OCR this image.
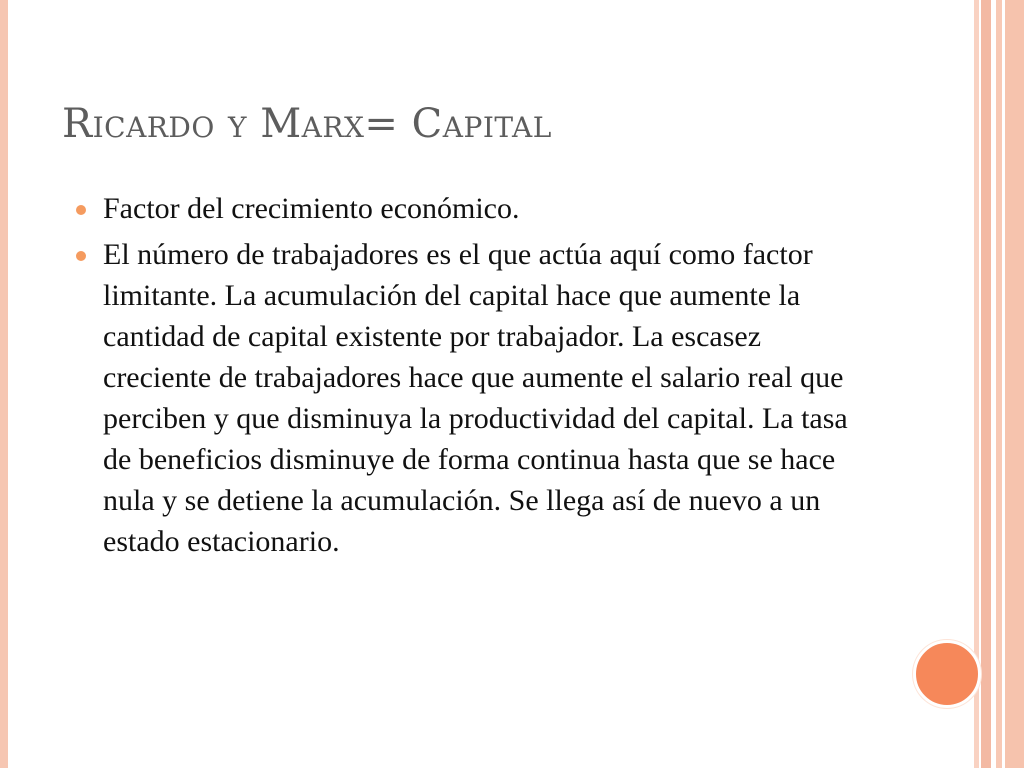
Ricardo y Marx= Capital
Factor del crecimiento económico.
El número de trabajadores es el que actúa aquí como factor limitante. La acumulación del capital hace que aumente la cantidad de capital existente por trabajador. La escasez creciente de trabajadores hace que aumente el salario real que perciben y que disminuya la productividad del capital. La tasa de beneficios disminuye de forma continua hasta que se hace nula y se detiene la acumulación. Se llega así de nuevo a un estado estacionario.
